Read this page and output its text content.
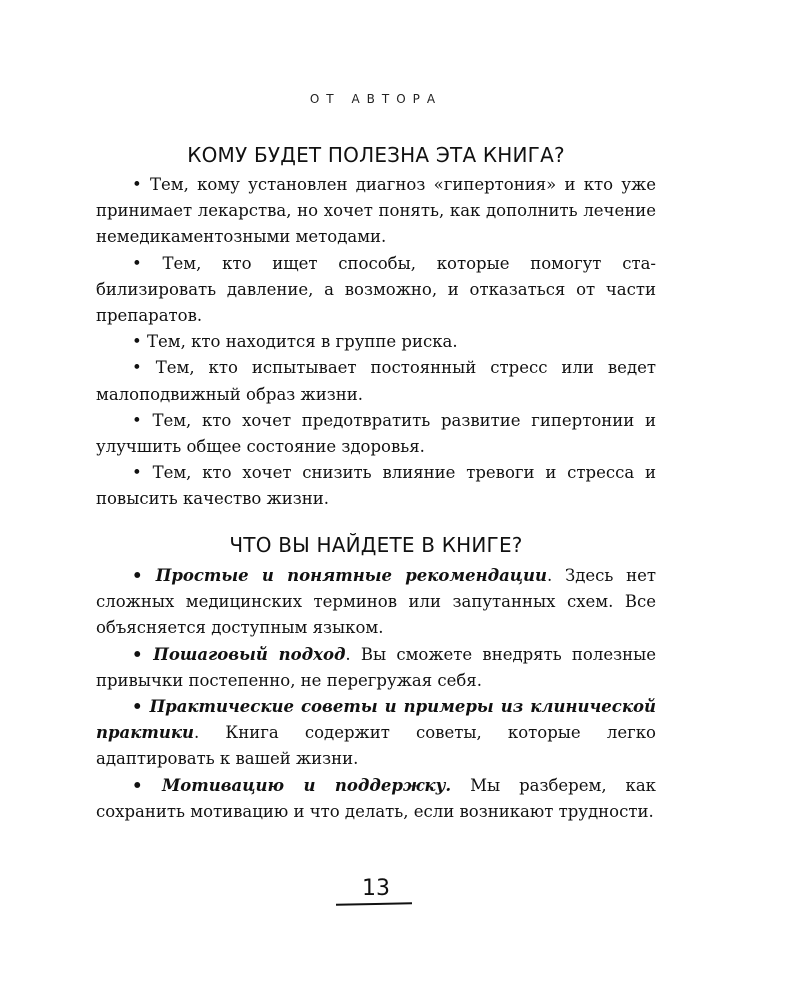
ОТ АВТОРА
КОМУ БУДЕТ ПОЛЕЗНА ЭТА КНИГА?

• Тем, кому установлен диагноз «гипертония» и кто уже принимает лекарства, но хочет понять, как дополнить лечение немедикаментозными методами.

• Тем, кто ищет способы, которые помогут стабилизировать давление, а возможно, и отказаться от части препаратов.

• Тем, кто находится в группе риска.

• Тем, кто испытывает постоянный стресс или ведет малоподвижный образ жизни.

• Тем, кто хочет предотвратить развитие гипертонии и улучшить общее состояние здоровья.

• Тем, кто хочет снизить влияние тревоги и стресса и повысить качество жизни.

ЧТО ВЫ НАЙДЕТЕ В КНИГЕ?

• Простые и понятные рекомендации. Здесь нет сложных медицинских терминов или запутанных схем. Все объясняется доступным языком.

• Пошаговый подход. Вы сможете внедрять полезные привычки постепенно, не перегружая себя.

• Практические советы и примеры из клинической практики. Книга содержит советы, которые легко адаптировать к вашей жизни.

• Мотивацию и поддержку. Мы разберем, как сохранить мотивацию и что делать, если возникают трудности.

13
